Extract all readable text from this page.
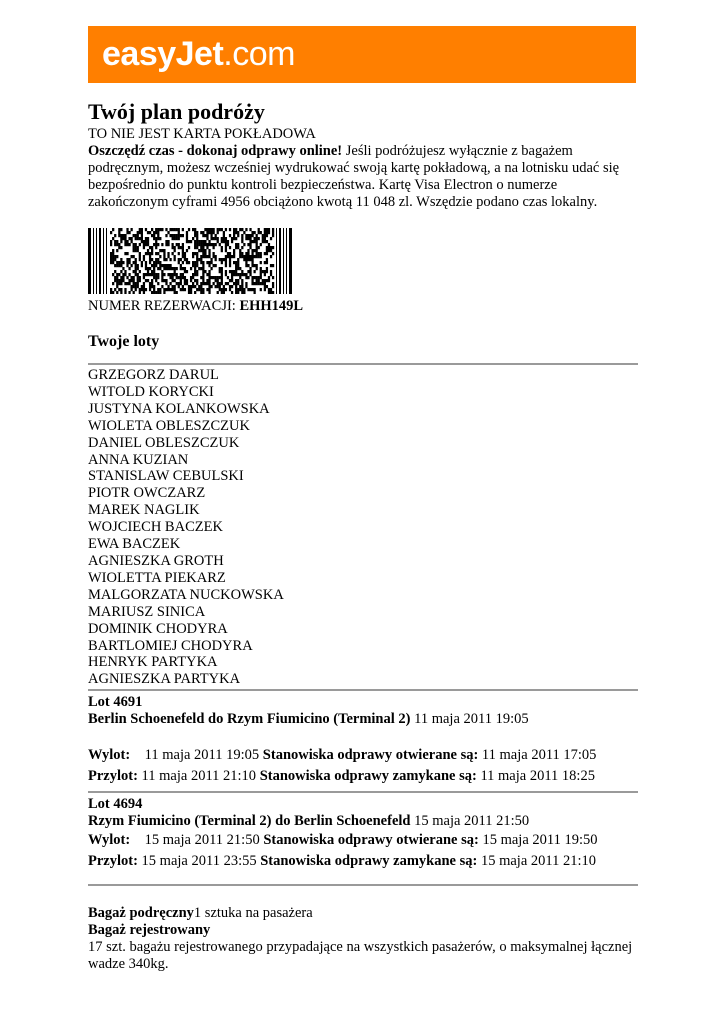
easyJet.com
Twój plan podróży

TO NIE JEST KARTA POKŁADOWA

Oszczędź czas - dokonaj odprawy online! Jeśli podróżujesz wyłącznie z bagażem podręcznym, możesz wcześniej wydrukować swoją kartę pokładową, a na lotnisku udać się bezpośrednio do punktu kontroli bezpieczeństwa. Kartę Visa Electron o numerze zakończonym cyframi 4956 obciążono kwotą 11 048 zl. Wszędzie podano czas lokalny.

NUMER REZERWACJI: EHH149L
Twoje loty
GRZEGORZ DARUL
WITOLD KORYCKI
JUSTYNA KOLANKOWSKA
WIOLETA OBLESZCZUK
DANIEL OBLESZCZUK
ANNA KUZIAN
STANISLAW CEBULSKI
PIOTR OWCZARZ
MAREK NAGLIK
WOJCIECH BACZEK
EWA BACZEK
AGNIESZKA GROTH
WIOLETTA PIEKARZ
MALGORZATA NUCKOWSKA
MARIUSZ SINICA
DOMINIK CHODYRA
BARTLOMIEJ CHODYRA
HENRYK PARTYKA
AGNIESZKA PARTYKA
Lot 4691
Berlin Schoenefeld do Rzym Fiumicino (Terminal 2) 11 maja 2011 19:05
Wylot: 11 maja 2011 19:05 Stanowiska odprawy otwierane są: 11 maja 2011 17:05
Przylot: 11 maja 2011 21:10 Stanowiska odprawy zamykane są: 11 maja 2011 18:25
Lot 4694
Rzym Fiumicino (Terminal 2) do Berlin Schoenefeld 15 maja 2011 21:50
Wylot: 15 maja 2011 21:50 Stanowiska odprawy otwierane są: 15 maja 2011 19:50
Przylot: 15 maja 2011 23:55 Stanowiska odprawy zamykane są: 15 maja 2011 21:10
Bagaż podręczny1 sztuka na pasażera
Bagaż rejestrowany
17 szt. bagażu rejestrowanego przypadające na wszystkich pasażerów, o maksymalnej łącznej wadze 340kg.
